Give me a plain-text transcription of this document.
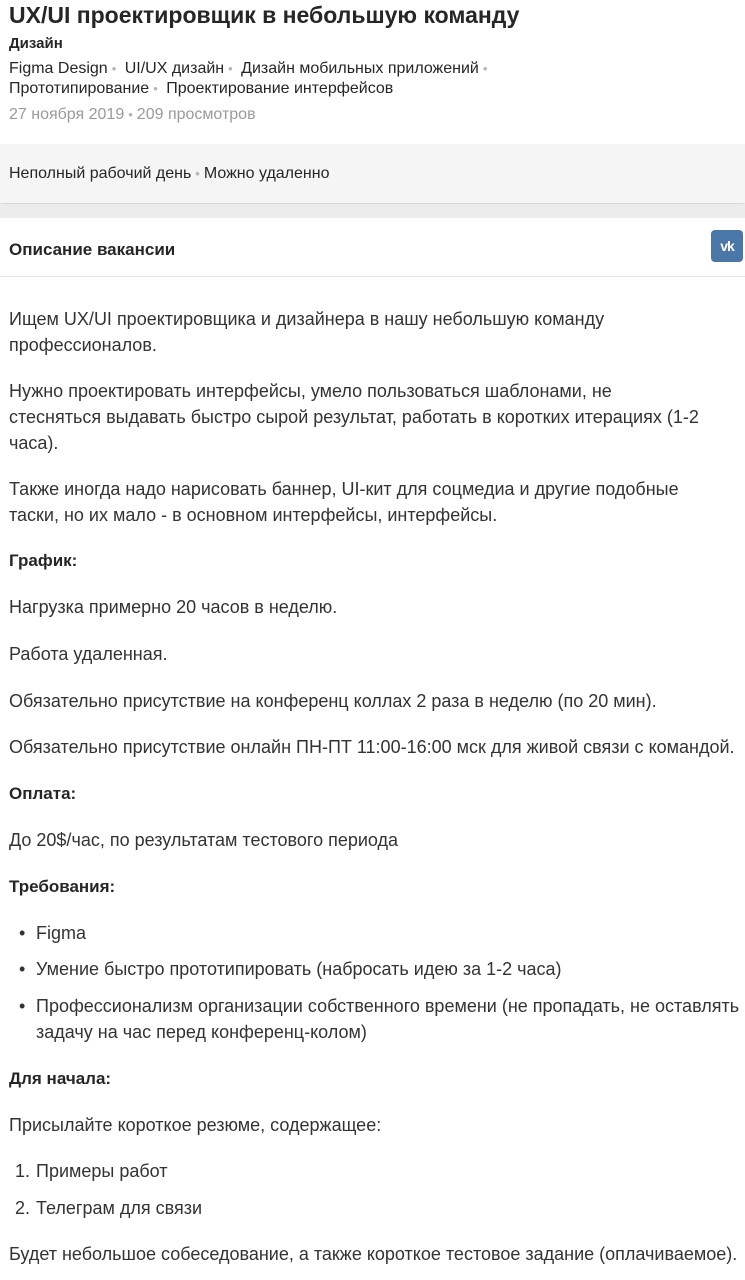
UX/UI проектировщик в небольшую команду
Дизайн
Figma Design • UI/UX дизайн • Дизайн мобильных приложений •
Прототипирование • Проектирование интерфейсов
27 ноября 2019 • 209 просмотров
Неполный рабочий день • Можно удаленно
Описание вакансии	vk

Ищем UX/UI проектировщика и дизайнера в нашу небольшую команду
профессионалов.

Нужно проектировать интерфейсы, умело пользоваться шаблонами, не
стесняться выдавать быстро сырой результат, работать в коротких итерациях (1-2
часа).

Также иногда надо нарисовать баннер, UI-кит для соцмедиа и другие подобные
таски, но их мало - в основном интерфейсы, интерфейсы.

График:

Нагрузка примерно 20 часов в неделю.

Работа удаленная.

Обязательно присутствие на конференц коллах 2 раза в неделю (по 20 мин).

Обязательно присутствие онлайн ПН-ПТ 11:00-16:00 мск для живой связи с командой.

Оплата:

До 20$/час, по результатам тестового периода

Требования:

• Figma
• Умение быстро прототипировать (набросать идею за 1-2 часа)
• Профессионализм организации собственного времени (не пропадать, не оставлять
задачу на час перед конференц-колом)

Для начала:

Присылайте короткое резюме, содержащее:

1. Примеры работ
2. Телеграм для связи

Будет небольшое собеседование, а также короткое тестовое задание (оплачиваемое).
